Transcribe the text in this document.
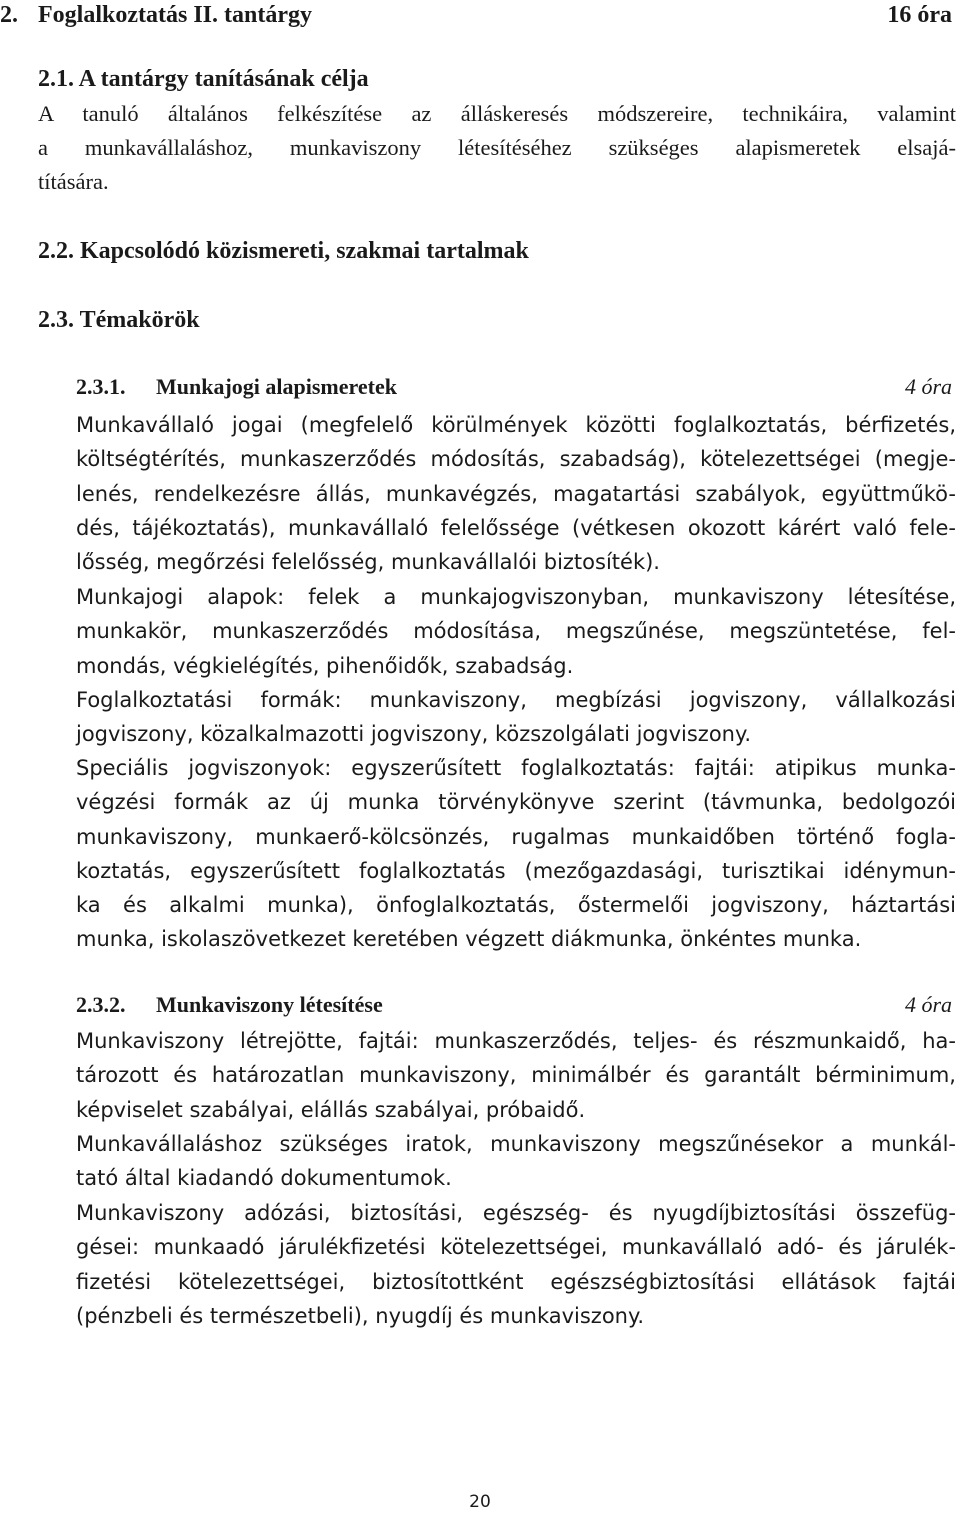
2. Foglalkoztatás II. tantárgy	16 óra
2.1. A tantárgy tanításának célja
A tanuló általános felkészítése az álláskeresés módszereire, technikáira, valamint
a munkavállaláshoz, munkaviszony létesítéséhez szükséges alapismeretek elsajá-
títására.
2.2. Kapcsolódó közismereti, szakmai tartalmak
2.3. Témakörök
2.3.1. Munkajogi alapismeretek	4 óra
Munkavállaló jogai (megfelelő körülmények közötti foglalkoztatás, bérfizetés,
költségtérítés, munkaszerződés módosítás, szabadság), kötelezettségei (megje-
lenés, rendelkezésre állás, munkavégzés, magatartási szabályok, együttműkö-
dés, tájékoztatás), munkavállaló felelőssége (vétkesen okozott kárért való fele-
lősség, megőrzési felelősség, munkavállalói biztosíték).
Munkajogi alapok: felek a munkajogviszonyban, munkaviszony létesítése,
munkakör, munkaszerződés módosítása, megszűnése, megszüntetése, fel-
mondás, végkielégítés, pihenőidők, szabadság.
Foglalkoztatási formák: munkaviszony, megbízási jogviszony, vállalkozási
jogviszony, közalkalmazotti jogviszony, közszolgálati jogviszony.
Speciális jogviszonyok: egyszerűsített foglalkoztatás: fajtái: atipikus munka-
végzési formák az új munka törvénykönyve szerint (távmunka, bedolgozói
munkaviszony, munkaerő-kölcsönzés, rugalmas munkaidőben történő fogla-
koztatás, egyszerűsített foglalkoztatás (mezőgazdasági, turisztikai idénymun-
ka és alkalmi munka), önfoglalkoztatás, őstermelői jogviszony, háztartási
munka, iskolaszövetkezet keretében végzett diákmunka, önkéntes munka.
2.3.2. Munkaviszony létesítése	4 óra
Munkaviszony létrejötte, fajtái: munkaszerződés, teljes- és részmunkaidő, ha-
tározott és határozatlan munkaviszony, minimálbér és garantált bérminimum,
képviselet szabályai, elállás szabályai, próbaidő.
Munkavállaláshoz szükséges iratok, munkaviszony megszűnésekor a munkál-
tató által kiadandó dokumentumok.
Munkaviszony adózási, biztosítási, egészség- és nyugdíjbiztosítási összefüg-
gései: munkaadó járulékfizetési kötelezettségei, munkavállaló adó- és járulék-
fizetési kötelezettségei, biztosítottként egészségbiztosítási ellátások fajtái
(pénzbeli és természetbeli), nyugdíj és munkaviszony.
20
